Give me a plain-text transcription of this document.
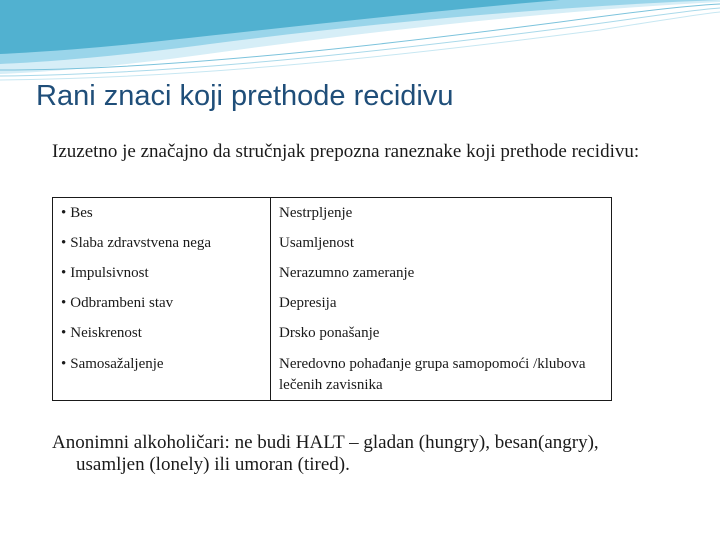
Rani znaci koji prethode recidivu
Izuzetno je značajno da stručnjak prepozna raneznake koji prethode recidivu:
• Bes	Nestrpljenje
• Slaba zdravstvena nega	Usamljenost
• Impulsivnost	Nerazumno zameranje
• Odbrambeni stav	Depresija
• Neiskrenost	Drsko ponašanje
• Samosažaljenje	Neredovno pohađanje grupa samopomoći /klubova lečenih zavisnika
Anonimni alkoholičari: ne budi HALT – gladan (hungry), besan(angry), usamljen (lonely) ili umoran (tired).
